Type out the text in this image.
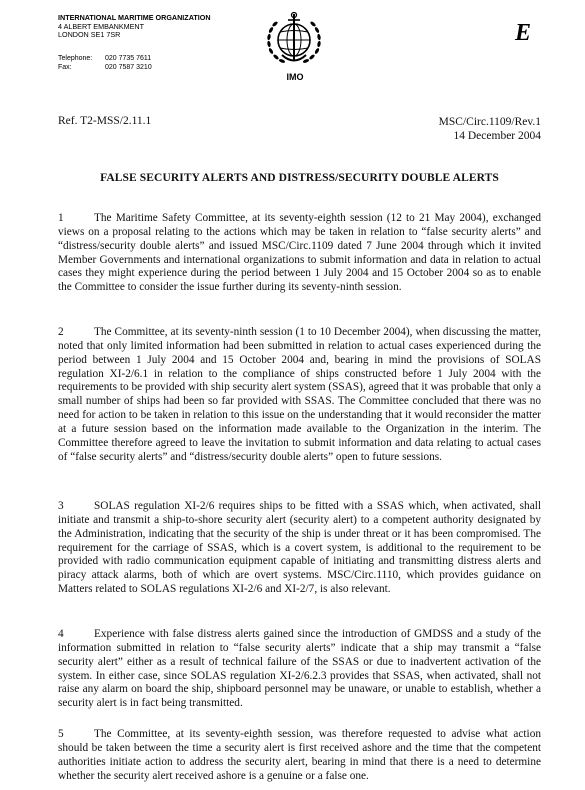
INTERNATIONAL MARITIME ORGANIZATION
4 ALBERT EMBANKMENT
LONDON SE1 7SR
Telephone:	020 7735 7611
Fax:	020 7587 3210
IMO
E
Ref. T2-MSS/2.11.1	MSC/Circ.1109/Rev.1
14 December 2004
FALSE SECURITY ALERTS AND DISTRESS/SECURITY DOUBLE ALERTS
1	The Maritime Safety Committee, at its seventy-eighth session (12 to 21 May 2004), exchanged views on a proposal relating to the actions which may be taken in relation to “false security alerts” and “distress/security double alerts” and issued MSC/Circ.1109 dated 7 June 2004 through which it invited Member Governments and international organizations to submit information and data in relation to actual cases they might experience during the period between 1 July 2004 and 15 October 2004 so as to enable the Committee to consider the issue further during its seventy-ninth session.
2	The Committee, at its seventy-ninth session (1 to 10 December 2004), when discussing the matter, noted that only limited information had been submitted in relation to actual cases experienced during the period between 1 July 2004 and 15 October 2004 and, bearing in mind the provisions of SOLAS regulation XI-2/6.1 in relation to the compliance of ships constructed before 1 July 2004 with the requirements to be provided with ship security alert system (SSAS), agreed that it was probable that only a small number of ships had been so far provided with SSAS. The Committee concluded that there was no need for action to be taken in relation to this issue on the understanding that it would reconsider the matter at a future session based on the information made available to the Organization in the interim. The Committee therefore agreed to leave the invitation to submit information and data relating to actual cases of “false security alerts” and “distress/security double alerts” open to future sessions.
3	SOLAS regulation XI-2/6 requires ships to be fitted with a SSAS which, when activated, shall initiate and transmit a ship-to-shore security alert (security alert) to a competent authority designated by the Administration, indicating that the security of the ship is under threat or it has been compromised. The requirement for the carriage of SSAS, which is a covert system, is additional to the requirement to be provided with radio communication equipment capable of initiating and transmitting distress alerts and piracy attack alarms, both of which are overt systems. MSC/Circ.1110, which provides guidance on Matters related to SOLAS regulations XI-2/6 and XI-2/7, is also relevant.
4	Experience with false distress alerts gained since the introduction of GMDSS and a study of the information submitted in relation to “false security alerts” indicate that a ship may transmit a “false security alert” either as a result of technical failure of the SSAS or due to inadvertent activation of the system. In either case, since SOLAS regulation XI-2/6.2.3 provides that SSAS, when activated, shall not raise any alarm on board the ship, shipboard personnel may be unaware, or unable to establish, whether a security alert is in fact being transmitted.
5	The Committee, at its seventy-eighth session, was therefore requested to advise what action should be taken between the time a security alert is first received ashore and the time that the competent authorities initiate action to address the security alert, bearing in mind that there is a need to determine whether the security alert received ashore is a genuine or a false one.
